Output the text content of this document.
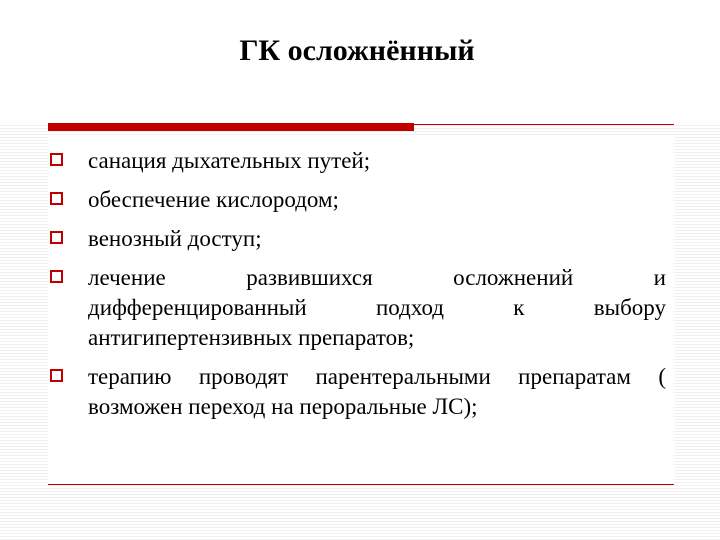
ГК осложнённый
санация дыхательных путей;
обеспечение кислородом;
венозный доступ;
лечение развившихся осложнений и дифференцированный подход к выбору антигипертензивных препаратов;
терапию проводят парентеральными препаратам ( возможен переход на пероральные ЛС);
